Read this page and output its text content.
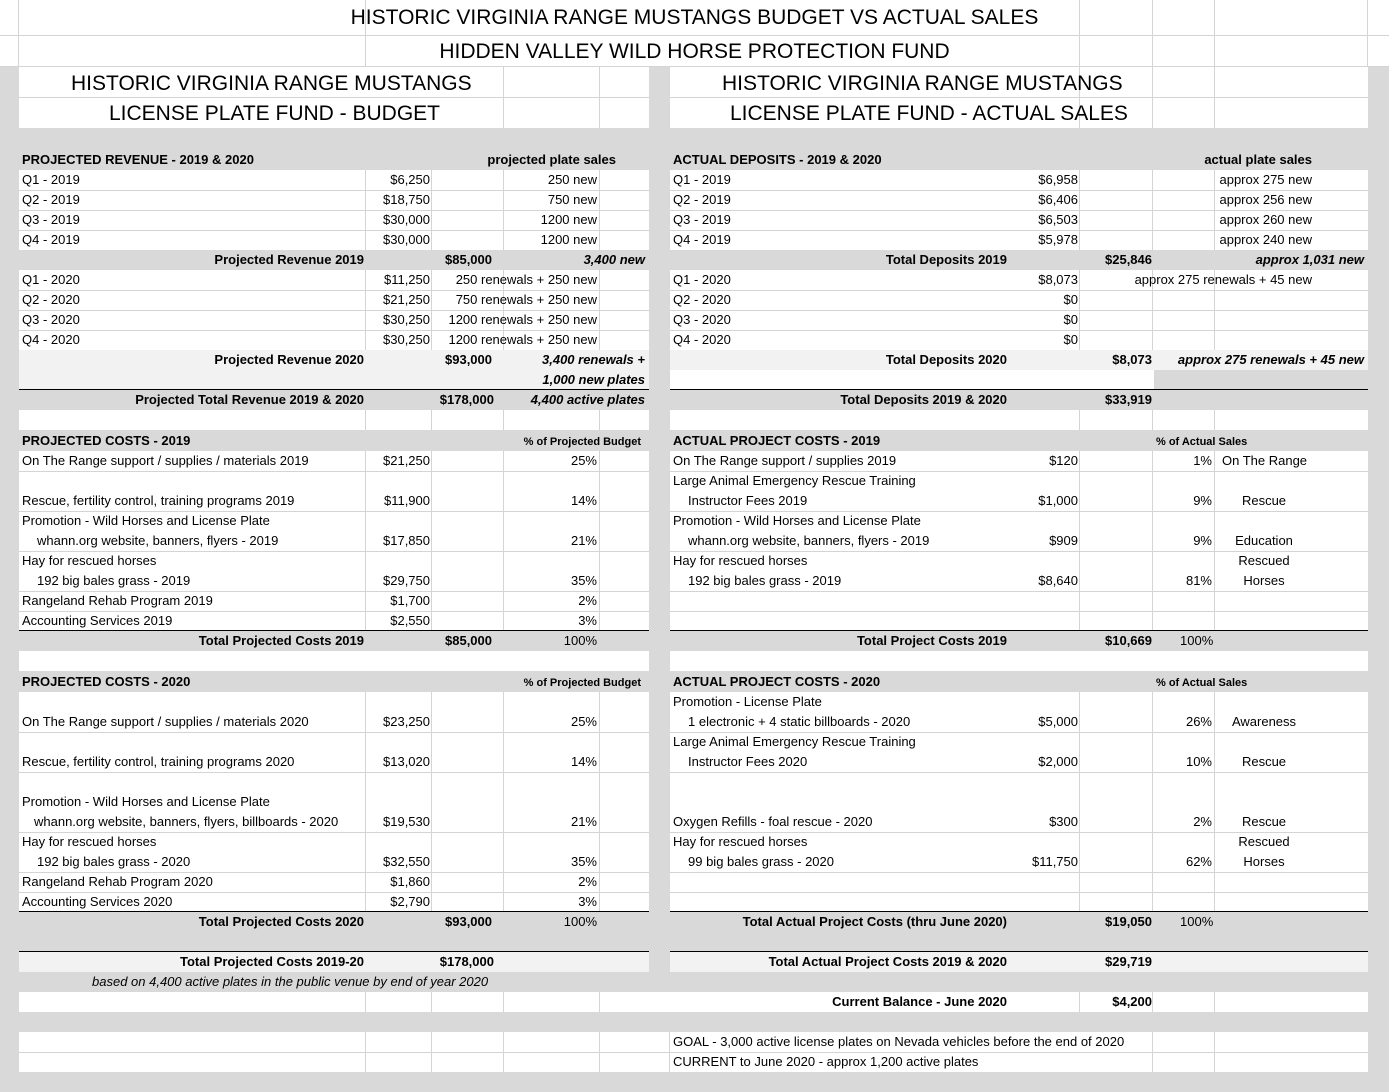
HISTORIC VIRGINIA RANGE MUSTANGS BUDGET VS ACTUAL SALES
HIDDEN VALLEY WILD HORSE PROTECTION FUND
HISTORIC VIRGINIA RANGE MUSTANGS
LICENSE PLATE FUND - BUDGET
HISTORIC VIRGINIA RANGE MUSTANGS
LICENSE PLATE FUND - ACTUAL SALES
PROJECTED REVENUE - 2019 & 2020	projected plate sales
Q1 - 2019	$6,250	250 new
Q2 - 2019	$18,750	750 new
Q3 - 2019	$30,000	1200 new
Q4 - 2019	$30,000	1200 new
Projected Revenue 2019	$85,000	3,400 new
Q1 - 2020	$11,250	250 renewals + 250 new
Q2 - 2020	$21,250	750 renewals + 250 new
Q3 - 2020	$30,250	1200 renewals + 250 new
Q4 - 2020	$30,250	1200 renewals + 250 new
Projected Revenue 2020	$93,000	3,400 renewals +
1,000 new plates
Projected Total Revenue 2019 & 2020	$178,000	4,400 active plates
PROJECTED COSTS - 2019	% of Projected Budget
On The Range support / supplies / materials 2019	$21,250	25%
Rescue, fertility control, training programs 2019	$11,900	14%
Promotion - Wild Horses and License Plate
whann.org website, banners, flyers - 2019	$17,850	21%
Hay for rescued horses
192 big bales grass - 2019	$29,750	35%
Rangeland Rehab Program 2019	$1,700	2%
Accounting Services 2019	$2,550	3%
Total Projected Costs 2019	$85,000	100%
PROJECTED COSTS - 2020	% of Projected Budget
On The Range support / supplies / materials 2020	$23,250	25%
Rescue, fertility control, training programs 2020	$13,020	14%
Promotion - Wild Horses and License Plate
whann.org website, banners, flyers, billboards - 2020	$19,530	21%
Hay for rescued horses
192 big bales grass - 2020	$32,550	35%
Rangeland Rehab Program 2020	$1,860	2%
Accounting Services 2020	$2,790	3%
Total Projected Costs 2020	$93,000	100%
Total Projected Costs 2019-20	$178,000
based on 4,400 active plates in the public venue by end of year 2020
ACTUAL DEPOSITS - 2019 & 2020	actual plate sales
Q1 - 2019	$6,958	approx 275 new
Q2 - 2019	$6,406	approx 256 new
Q3 - 2019	$6,503	approx 260 new
Q4 - 2019	$5,978	approx 240 new
Total Deposits 2019	$25,846	approx 1,031 new
Q1 - 2020	$8,073	approx 275 renewals + 45 new
Q2 - 2020	$0
Q3 - 2020	$0
Q4 - 2020	$0
Total Deposits 2020	$8,073	approx 275 renewals + 45 new
Total Deposits 2019 & 2020	$33,919
ACTUAL PROJECT COSTS - 2019	% of Actual Sales
On The Range support / supplies 2019	$120	1% On The Range
Large Animal Emergency Rescue Training
Instructor Fees 2019	$1,000	9%	Rescue
Promotion - Wild Horses and License Plate
whann.org website, banners, flyers - 2019	$909	9%	Education
Hay for rescued horses	Rescued
192 big bales grass - 2019	$8,640	81%	Horses
Total Project Costs 2019	$10,669 100%
ACTUAL PROJECT COSTS - 2020	% of Actual Sales
Promotion - License Plate
1 electronic + 4 static billboards - 2020	$5,000	26%	Awareness
Large Animal Emergency Rescue Training
Instructor Fees 2020	$2,000	10%	Rescue
Oxygen Refills - foal rescue - 2020	$300	2%	Rescue
Hay for rescued horses	Rescued
99 big bales grass - 2020	$11,750	62%	Horses
Total Actual Project Costs (thru June 2020)	$19,050 100%
Total Actual Project Costs 2019 & 2020	$29,719
Current Balance - June 2020	$4,200
GOAL - 3,000 active license plates on Nevada vehicles before the end of 2020
CURRENT to June 2020 - approx 1,200 active plates
